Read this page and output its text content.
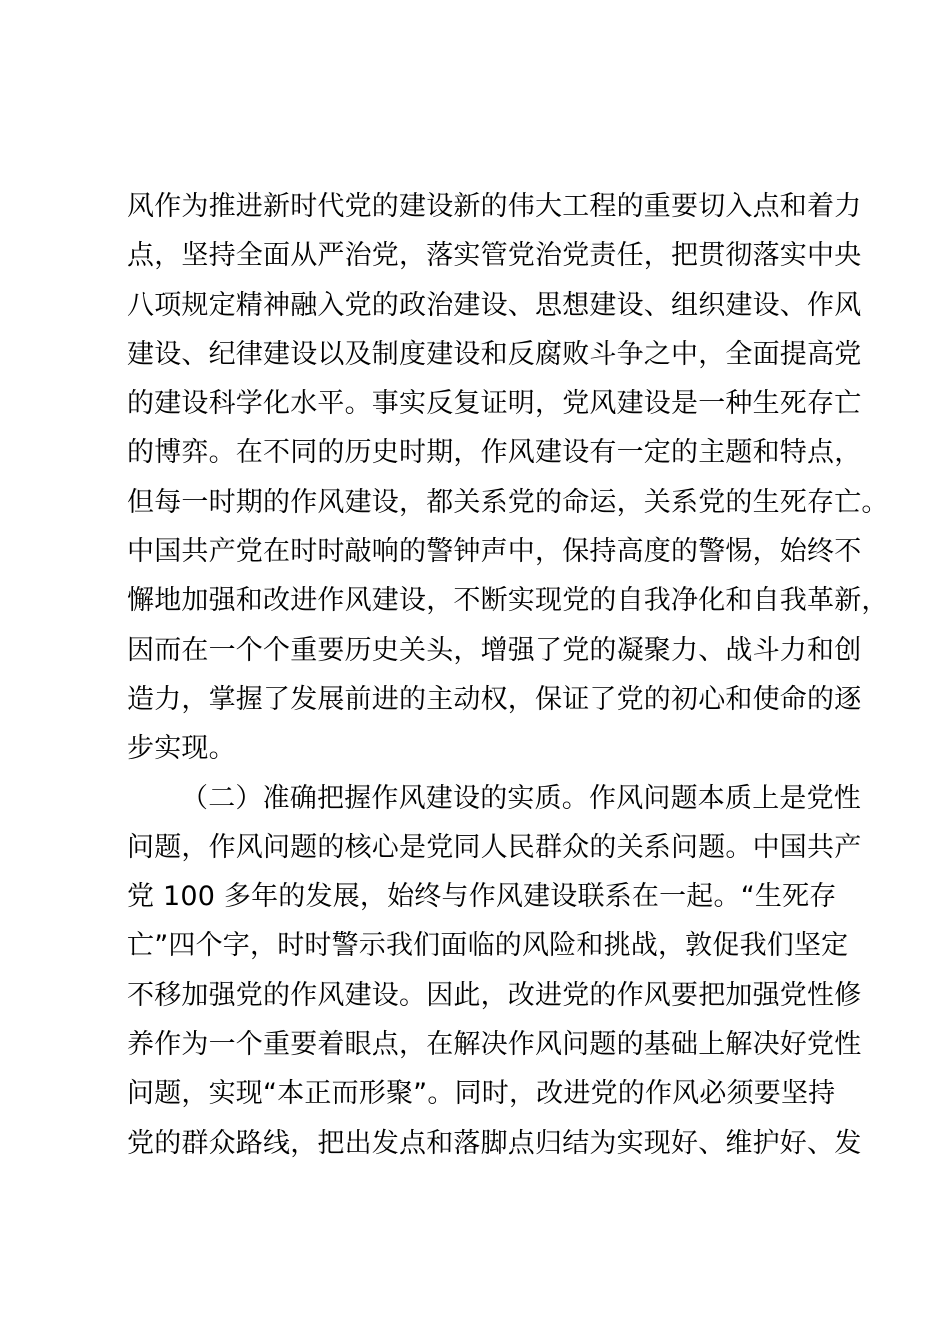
风作为推进新时代党的建设新的伟大工程的重要切入点和着力
点，坚持全面从严治党，落实管党治党责任，把贯彻落实中央
八项规定精神融入党的政治建设、思想建设、组织建设、作风
建设、纪律建设以及制度建设和反腐败斗争之中，全面提高党
的建设科学化水平。事实反复证明，党风建设是一种生死存亡
的博弈。在不同的历史时期，作风建设有一定的主题和特点，
但每一时期的作风建设，都关系党的命运，关系党的生死存亡。
中国共产党在时时敲响的警钟声中，保持高度的警惕，始终不
懈地加强和改进作风建设，不断实现党的自我净化和自我革新，
因而在一个个重要历史关头，增强了党的凝聚力、战斗力和创
造力，掌握了发展前进的主动权，保证了党的初心和使命的逐
步实现。
（二）准确把握作风建设的实质。作风问题本质上是党性
问题，作风问题的核心是党同人民群众的关系问题。中国共产
党 100 多年的发展，始终与作风建设联系在一起。“生死存
亡”四个字，时时警示我们面临的风险和挑战，敦促我们坚定
不移加强党的作风建设。因此，改进党的作风要把加强党性修
养作为一个重要着眼点，在解决作风问题的基础上解决好党性
问题，实现“本正而形聚”。同时，改进党的作风必须要坚持
党的群众路线，把出发点和落脚点归结为实现好、维护好、发
